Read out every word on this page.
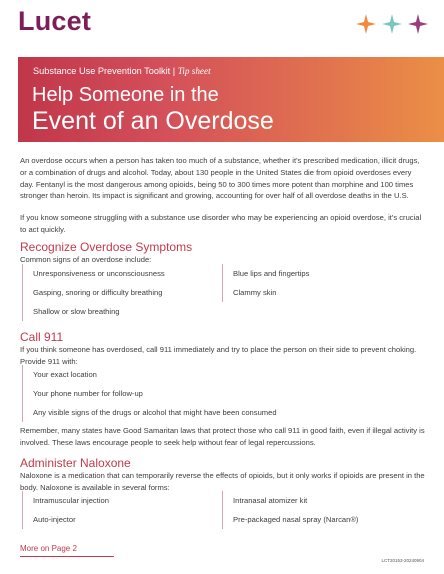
Lucet
Substance Use Prevention Toolkit | Tip sheet
Help Someone in the
Event of an Overdose

An overdose occurs when a person has taken too much of a substance, whether it's prescribed medication, illicit drugs, or a combination of drugs and alcohol. Today, about 130 people in the United States die from opioid overdoses every day. Fentanyl is the most dangerous among opioids, being 50 to 300 times more potent than morphine and 100 times stronger than heroin. Its impact is significant and growing, accounting for over half of all overdose deaths in the U.S.

If you know someone struggling with a substance use disorder who may be experiencing an opioid overdose, it's crucial to act quickly.

Recognize Overdose Symptoms
Common signs of an overdose include:
Unresponsiveness or unconsciousness
Gasping, snoring or difficulty breathing
Shallow or slow breathing
Blue lips and fingertips
Clammy skin
Call 911

If you think someone has overdosed, call 911 immediately and try to place the person on their side to prevent choking. Provide 911 with:

Your exact location
Your phone number for follow-up
Any visible signs of the drugs or alcohol that might have been consumed

Remember, many states have Good Samaritan laws that protect those who call 911 in good faith, even if illegal activity is involved. These laws encourage people to seek help without fear of legal repercussions.

Administer Naloxone

Naloxone is a medication that can temporarily reverse the effects of opioids, but it only works if opioids are present in the body. Naloxone is available in several forms:

Intramuscular injection
Auto-injector
Intranasal atomizer kit
Pre-packaged nasal spray (Narcan®)
More on Page 2
LCT20153-20240904
